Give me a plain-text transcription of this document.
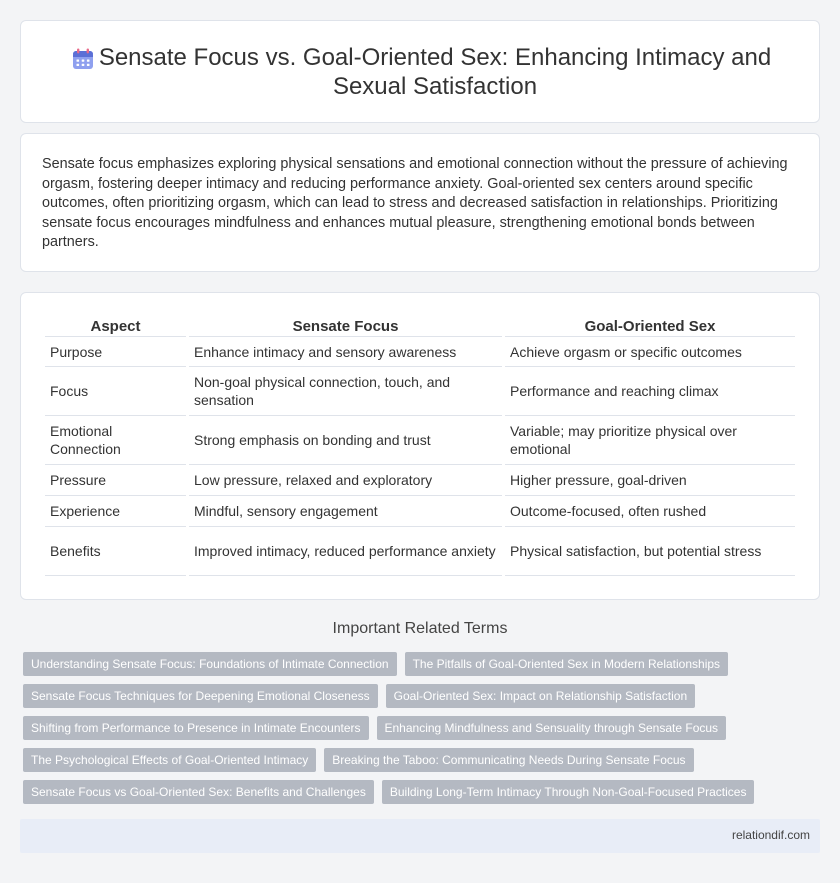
Sensate Focus vs. Goal-Oriented Sex: Enhancing Intimacy and Sexual Satisfaction

Sensate focus emphasizes exploring physical sensations and emotional connection without the pressure of achieving orgasm, fostering deeper intimacy and reducing performance anxiety. Goal-oriented sex centers around specific outcomes, often prioritizing orgasm, which can lead to stress and decreased satisfaction in relationships. Prioritizing sensate focus encourages mindfulness and enhances mutual pleasure, strengthening emotional bonds between partners.

Aspect	Sensate Focus	Goal-Oriented Sex
Purpose	Enhance intimacy and sensory awareness	Achieve orgasm or specific outcomes
Focus	Non-goal physical connection, touch, and sensation	Performance and reaching climax
Emotional Connection	Strong emphasis on bonding and trust	Variable; may prioritize physical over emotional
Pressure	Low pressure, relaxed and exploratory	Higher pressure, goal-driven
Experience	Mindful, sensory engagement	Outcome-focused, often rushed
Benefits	Improved intimacy, reduced performance anxiety	Physical satisfaction, but potential stress
Important Related Terms
Understanding Sensate Focus: Foundations of Intimate Connection	The Pitfalls of Goal-Oriented Sex in Modern Relationships
Sensate Focus Techniques for Deepening Emotional Closeness	Goal-Oriented Sex: Impact on Relationship Satisfaction
Shifting from Performance to Presence in Intimate Encounters	Enhancing Mindfulness and Sensuality through Sensate Focus
The Psychological Effects of Goal-Oriented Intimacy	Breaking the Taboo: Communicating Needs During Sensate Focus
Sensate Focus vs Goal-Oriented Sex: Benefits and Challenges	Building Long-Term Intimacy Through Non-Goal-Focused Practices
relationdif.com
